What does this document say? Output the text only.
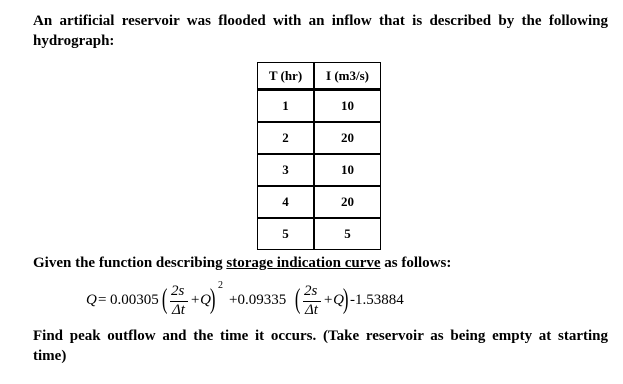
An artificial reservoir was flooded with an inflow that is described by the following
hydrograph:
T (hr)	I (m3/s)
1	10
2	20
3	10
4	20
5	5
Given the function describing storage indication curve as follows:
Q = 0.00305 ( 2s
Δt
+Q
) 2
+0.09335 ( 2s
Δt
+Q
) -1.53884
Find peak outflow and the time it occurs. (Take reservoir as being empty at starting
time)
